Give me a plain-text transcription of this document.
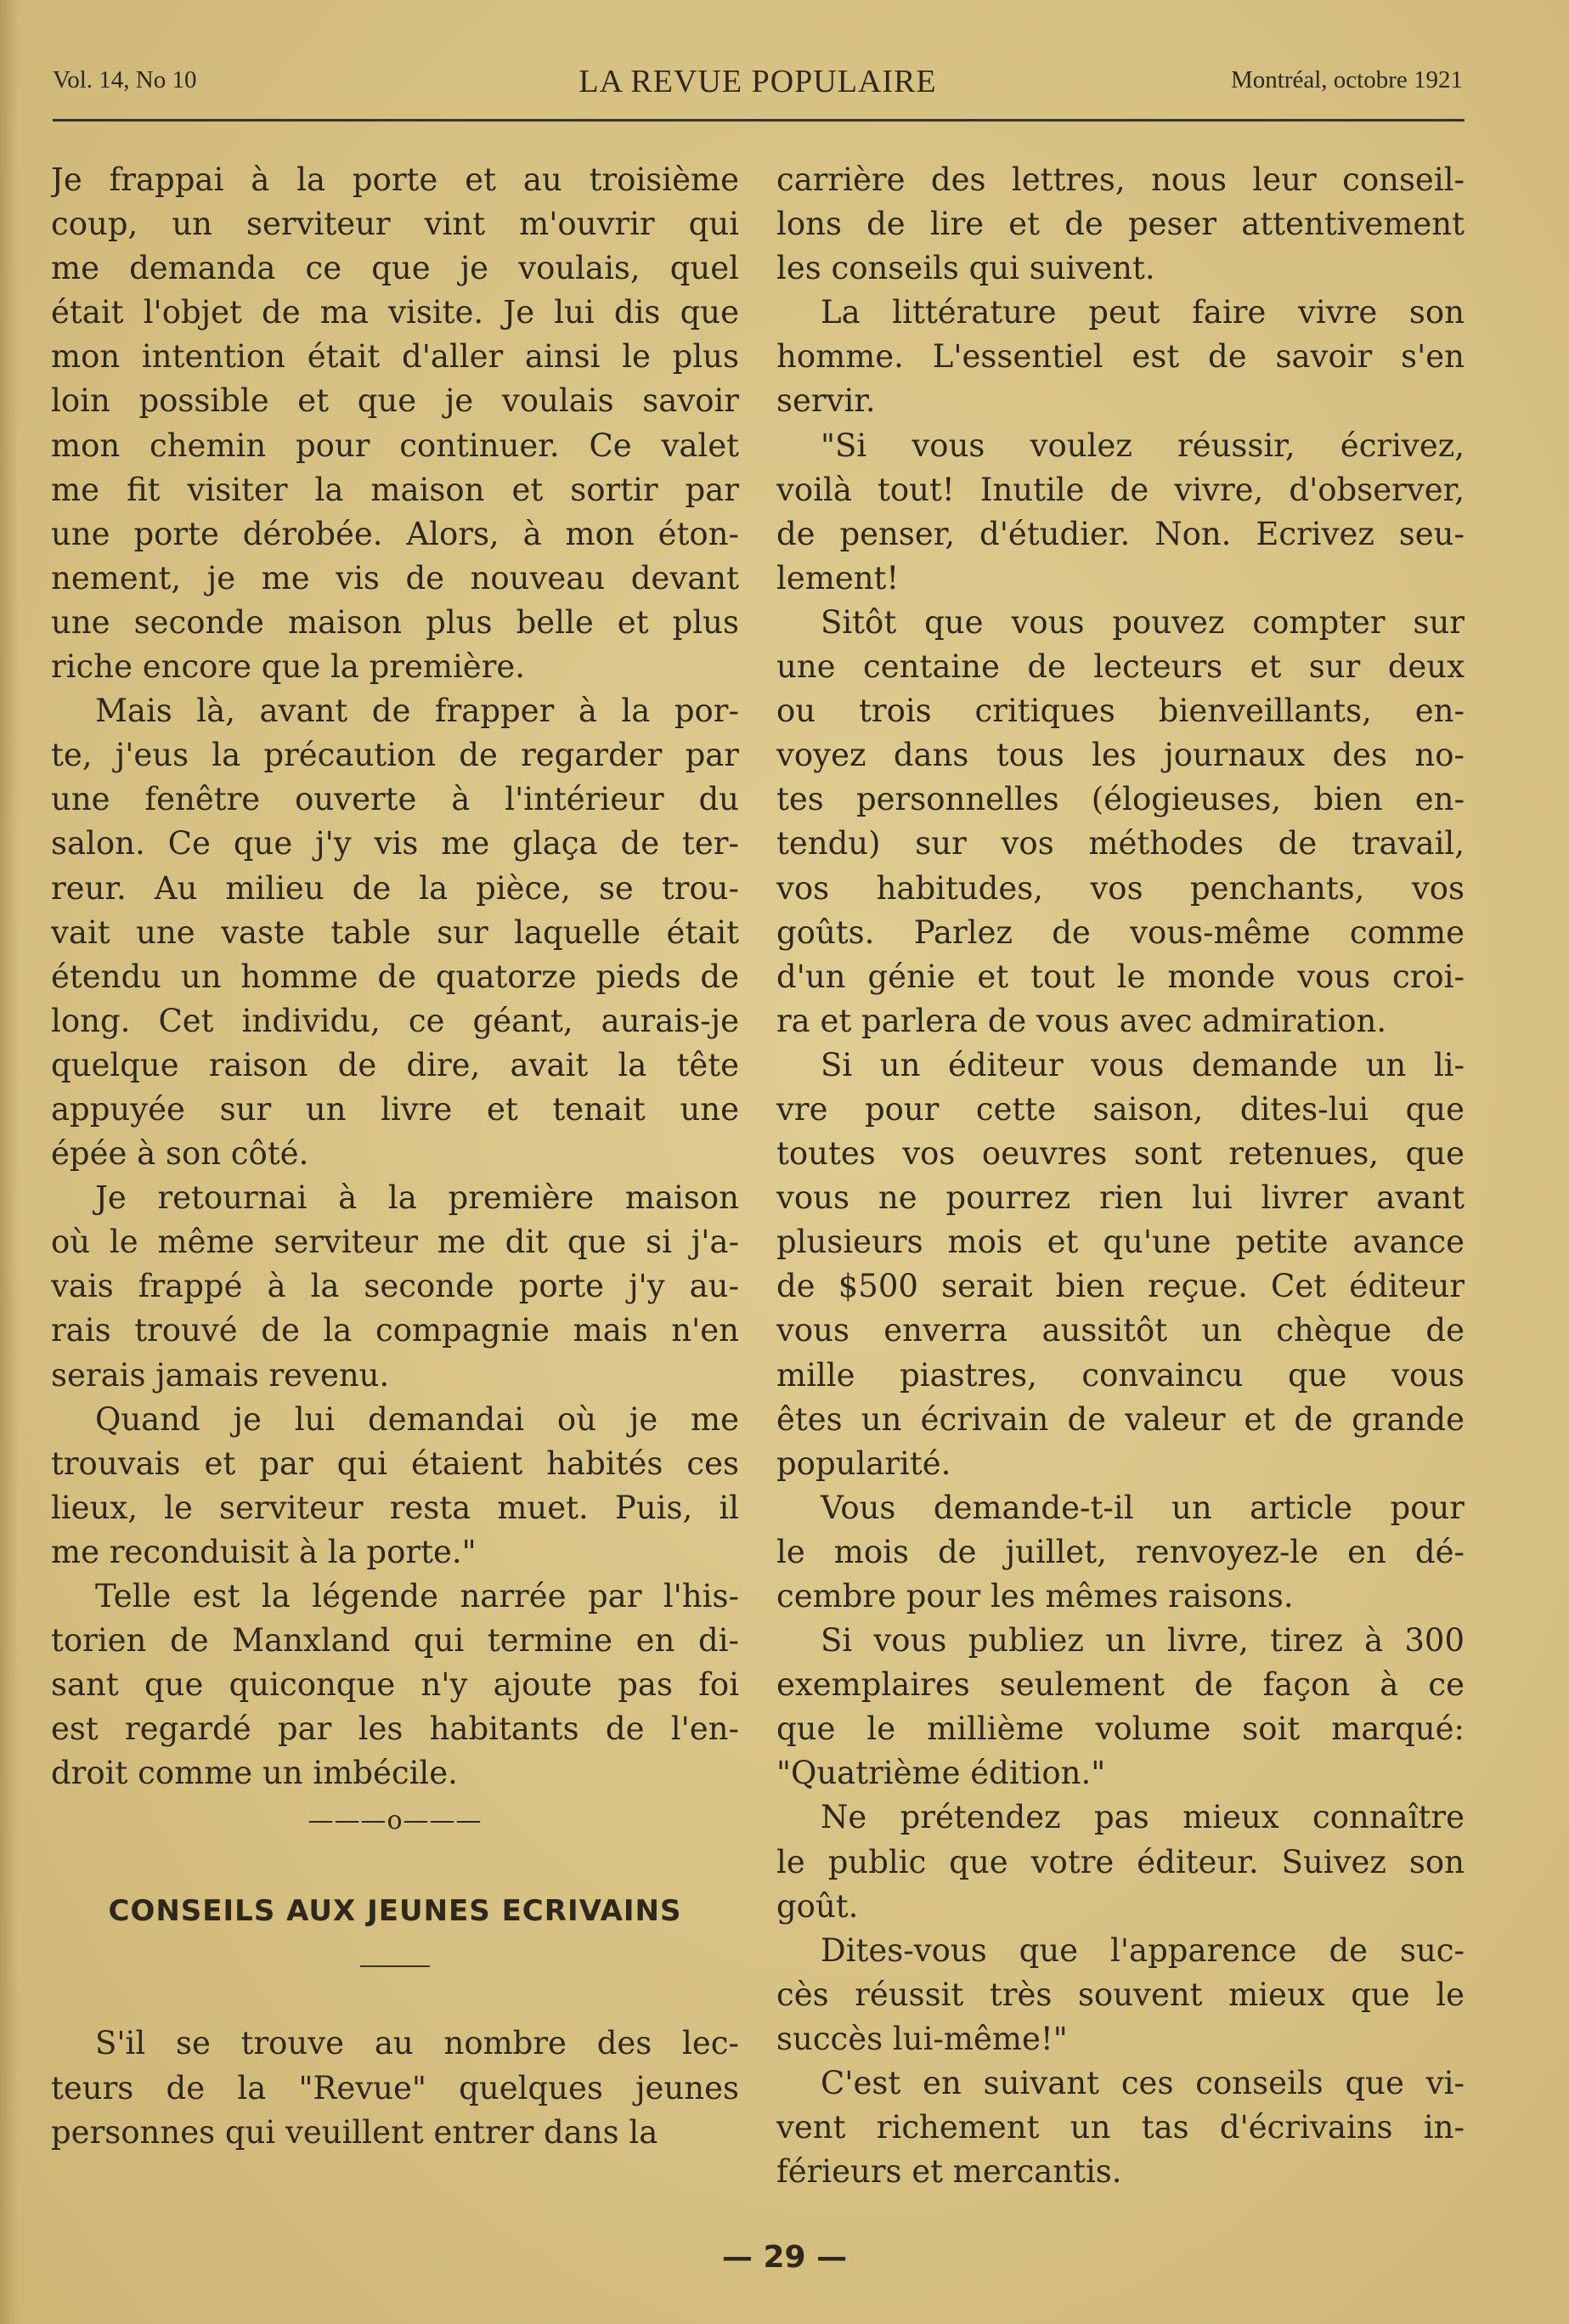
Vol. 14, No 10	LA REVUE POPULAIRE	Montréal, octobre 1921
Je frappai à la porte et au troisième
coup, un serviteur vint m'ouvrir qui
me demanda ce que je voulais, quel
était l'objet de ma visite. Je lui dis que
mon intention était d'aller ainsi le plus
loin possible et que je voulais savoir
mon chemin pour continuer. Ce valet
me fit visiter la maison et sortir par
une porte dérobée. Alors, à mon éton-
nement, je me vis de nouveau devant
une seconde maison plus belle et plus
riche encore que la première.
Mais là, avant de frapper à la por-
te, j'eus la précaution de regarder par
une fenêtre ouverte à l'intérieur du
salon. Ce que j'y vis me glaça de ter-
reur. Au milieu de la pièce, se trou-
vait une vaste table sur laquelle était
étendu un homme de quatorze pieds de
long. Cet individu, ce géant, aurais-je
quelque raison de dire, avait la tête
appuyée sur un livre et tenait une
épée à son côté.
Je retournai à la première maison
où le même serviteur me dit que si j'a-
vais frappé à la seconde porte j'y au-
rais trouvé de la compagnie mais n'en
serais jamais revenu.
Quand je lui demandai où je me
trouvais et par qui étaient habités ces
lieux, le serviteur resta muet. Puis, il
me reconduisit à la porte."
Telle est la légende narrée par l'his-
torien de Manxland qui termine en di-
sant que quiconque n'y ajoute pas foi
est regardé par les habitants de l'en-
droit comme un imbécile.
———o———
CONSEILS AUX JEUNES ECRIVAINS
S'il se trouve au nombre des lec-
teurs de la "Revue" quelques jeunes
personnes qui veuillent entrer dans la
carrière des lettres, nous leur conseil-
lons de lire et de peser attentivement
les conseils qui suivent.
La littérature peut faire vivre son
homme. L'essentiel est de savoir s'en
servir.
"Si vous voulez réussir, écrivez,
voilà tout! Inutile de vivre, d'observer,
de penser, d'étudier. Non. Ecrivez seu-
lement!
Sitôt que vous pouvez compter sur
une centaine de lecteurs et sur deux
ou trois critiques bienveillants, en-
voyez dans tous les journaux des no-
tes personnelles (élogieuses, bien en-
tendu) sur vos méthodes de travail,
vos habitudes, vos penchants, vos
goûts. Parlez de vous-même comme
d'un génie et tout le monde vous croi-
ra et parlera de vous avec admiration.
Si un éditeur vous demande un li-
vre pour cette saison, dites-lui que
toutes vos oeuvres sont retenues, que
vous ne pourrez rien lui livrer avant
plusieurs mois et qu'une petite avance
de $500 serait bien reçue. Cet éditeur
vous enverra aussitôt un chèque de
mille piastres, convaincu que vous
êtes un écrivain de valeur et de grande
popularité.
Vous demande-t-il un article pour
le mois de juillet, renvoyez-le en dé-
cembre pour les mêmes raisons.
Si vous publiez un livre, tirez à 300
exemplaires seulement de façon à ce
que le millième volume soit marqué:
"Quatrième édition."
Ne prétendez pas mieux connaître
le public que votre éditeur. Suivez son
goût.
Dites-vous que l'apparence de suc-
cès réussit très souvent mieux que le
succès lui-même!"
C'est en suivant ces conseils que vi-
vent richement un tas d'écrivains in-
férieurs et mercantis.
— 29 —
